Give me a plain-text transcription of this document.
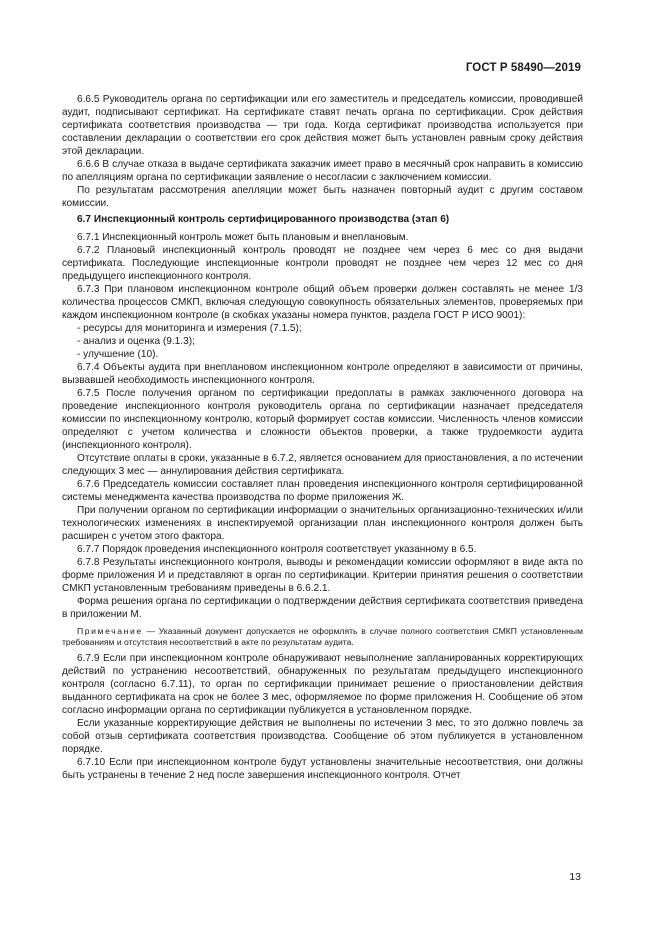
ГОСТ Р 58490—2019

6.6.5 Руководитель органа по сертификации или его заместитель и председатель комиссии, проводившей аудит, подписывают сертификат. На сертификате ставят печать органа по сертификации. Срок действия сертификата соответствия производства — три года. Когда сертификат производства используется при составлении декларации о соответствии его срок действия может быть установлен равным сроку действия этой декларации.

6.6.6 В случае отказа в выдаче сертификата заказчик имеет право в месячный срок направить в комиссию по апелляциям органа по сертификации заявление о несогласии с заключением комиссии.

По результатам рассмотрения апелляции может быть назначен повторный аудит с другим составом комиссии.

6.7 Инспекционный контроль сертифицированного производства (этап 6)

6.7.1 Инспекционный контроль может быть плановым и внеплановым.

6.7.2 Плановый инспекционный контроль проводят не позднее чем через 6 мес со дня выдачи сертификата. Последующие инспекционные контроли проводят не позднее чем через 12 мес со дня предыдущего инспекционного контроля.

6.7.3 При плановом инспекционном контроле общий объем проверки должен составлять не менее 1/3 количества процессов СМКП, включая следующую совокупность обязательных элементов, проверяемых при каждом инспекционном контроле (в скобках указаны номера пунктов, раздела ГОСТ Р ИСО 9001):

- ресурсы для мониторинга и измерения (7.1.5);

- анализ и оценка (9.1.3);

- улучшение (10).

6.7.4 Объекты аудита при внеплановом инспекционном контроле определяют в зависимости от причины, вызвавшей необходимость инспекционного контроля.

6.7.5 После получения органом по сертификации предоплаты в рамках заключенного договора на проведение инспекционного контроля руководитель органа по сертификации назначает председателя комиссии по инспекционному контролю, который формирует состав комиссии. Численность членов комиссии определяют с учетом количества и сложности объектов проверки, а также трудоемкости аудита (инспекционного контроля).

Отсутствие оплаты в сроки, указанные в 6.7.2, является основанием для приостановления, а по истечении следующих 3 мес — аннулирования действия сертификата.

6.7.6 Председатель комиссии составляет план проведения инспекционного контроля сертифицированной системы менеджмента качества производства по форме приложения Ж.

При получении органом по сертификации информации о значительных организационно-технических и/или технологических изменениях в инспектируемой организации план инспекционного контроля должен быть расширен с учетом этого фактора.

6.7.7 Порядок проведения инспекционного контроля соответствует указанному в 6.5.

6.7.8 Результаты инспекционного контроля, выводы и рекомендации комиссии оформляют в виде акта по форме приложения И и представляют в орган по сертификации. Критерии принятия решения о соответствии СМКП установленным требованиям приведены в 6.6.2.1.

Форма решения органа по сертификации о подтверждении действия сертификата соответствия приведена в приложении М.

Примечание — Указанный документ допускается не оформлять в случае полного соответствия СМКП установленным требованиям и отсутствия несоответствий в акте по результатам аудита.

6.7.9 Если при инспекционном контроле обнаруживают невыполнение запланированных корректирующих действий по устранению несоответствий, обнаруженных по результатам предыдущего инспекционного контроля (согласно 6.7.11), то орган по сертификации принимает решение о приостановлении действия выданного сертификата на срок не более 3 мес, оформляемое по форме приложения Н. Сообщение об этом согласно информации органа по сертификации публикуется в установленном порядке.

Если указанные корректирующие действия не выполнены по истечении 3 мес, то это должно повлечь за собой отзыв сертификата соответствия производства. Сообщение об этом публикуется в установленном порядке.

6.7.10 Если при инспекционном контроле будут установлены значительные несоответствия, они должны быть устранены в течение 2 нед после завершения инспекционного контроля. Отчет

13
